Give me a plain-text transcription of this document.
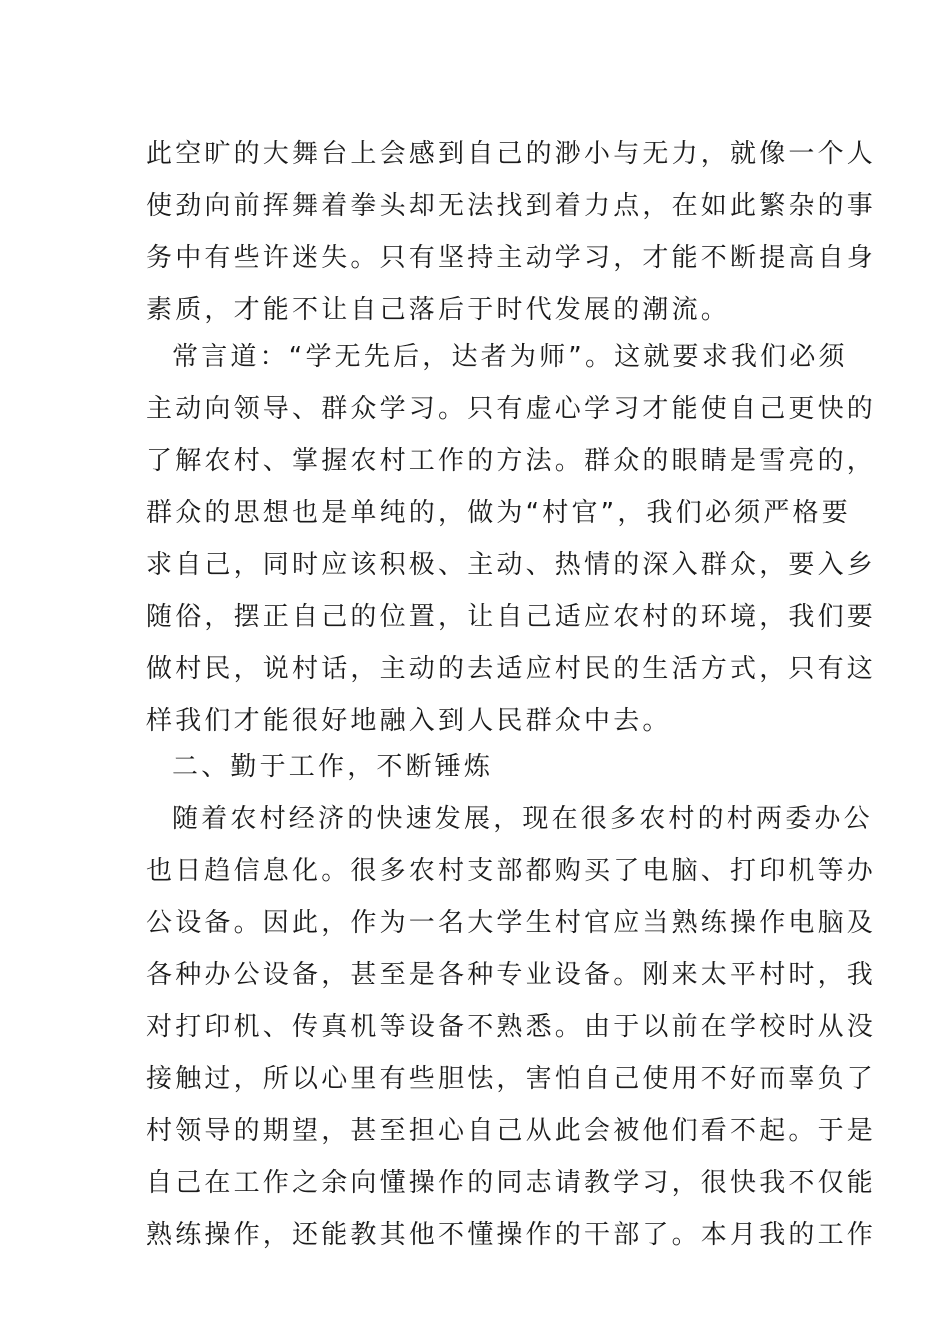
此空旷的大舞台上会感到自己的渺小与无力，就像一个人
使劲向前挥舞着拳头却无法找到着力点，在如此繁杂的事
务中有些许迷失。只有坚持主动学习，才能不断提高自身
素质，才能不让自己落后于时代发展的潮流。
常言道：“学无先后，达者为师”。这就要求我们必须
主动向领导、群众学习。只有虚心学习才能使自己更快的
了解农村、掌握农村工作的方法。群众的眼睛是雪亮的，
群众的思想也是单纯的，做为“村官”，我们必须严格要
求自己，同时应该积极、主动、热情的深入群众，要入乡
随俗，摆正自己的位置，让自己适应农村的环境，我们要
做村民，说村话，主动的去适应村民的生活方式，只有这
样我们才能很好地融入到人民群众中去。
二、勤于工作，不断锤炼
随着农村经济的快速发展，现在很多农村的村两委办公
也日趋信息化。很多农村支部都购买了电脑、打印机等办
公设备。因此，作为一名大学生村官应当熟练操作电脑及
各种办公设备，甚至是各种专业设备。刚来太平村时，我
对打印机、传真机等设备不熟悉。由于以前在学校时从没
接触过，所以心里有些胆怯，害怕自己使用不好而辜负了
村领导的期望，甚至担心自己从此会被他们看不起。于是
自己在工作之余向懂操作的同志请教学习，很快我不仅能
熟练操作，还能教其他不懂操作的干部了。本月我的工作
